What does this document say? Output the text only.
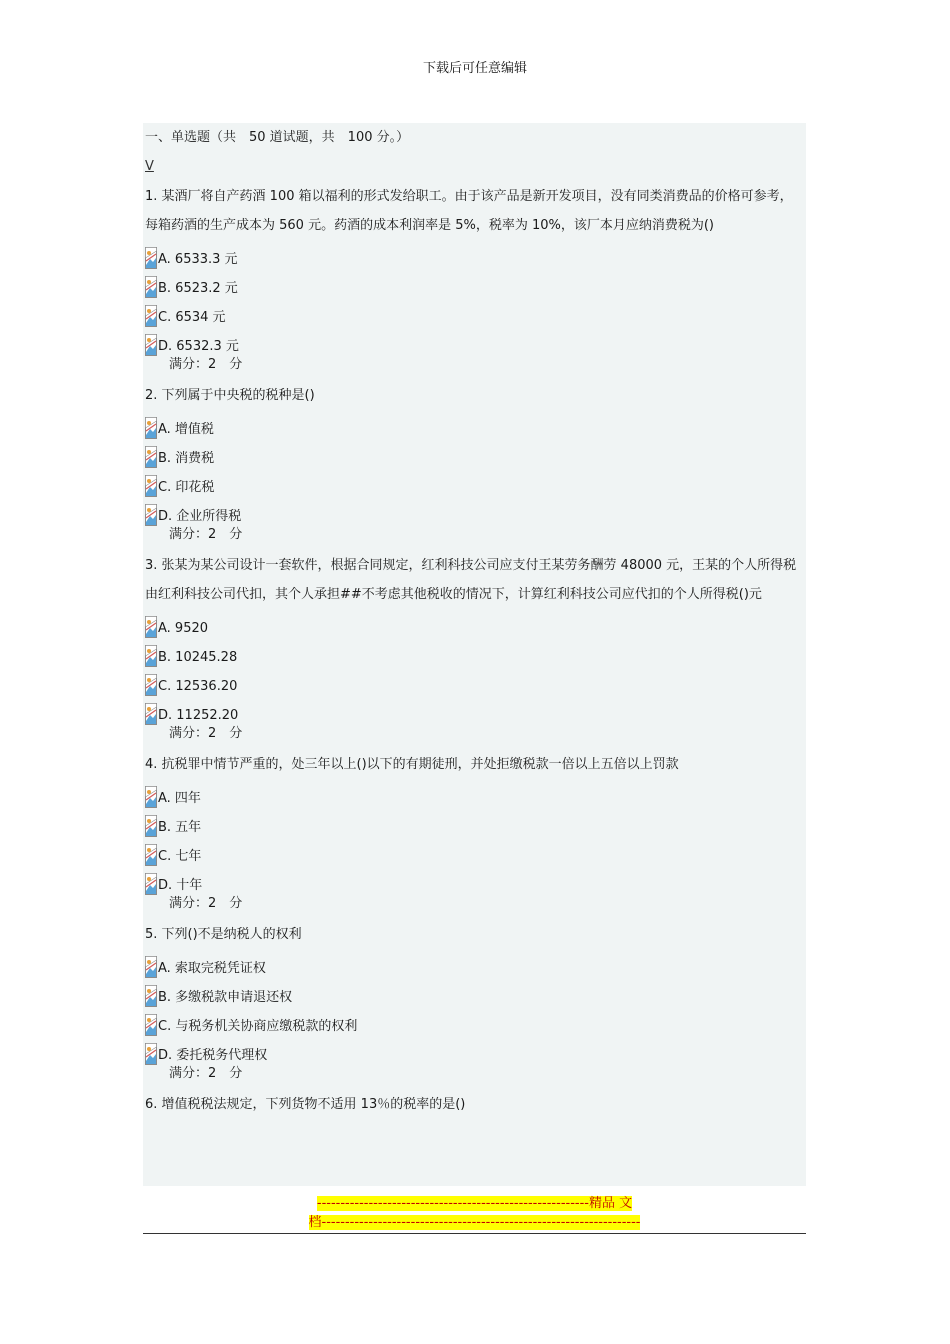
下载后可任意编辑
一、单选题（共　50 道试题，共　100 分。）
V
1. 某酒厂将自产药酒 100 箱以福利的形式发给职工。由于该产品是新开发项目，没有同类消费品的价格可参考，每箱药酒的生产成本为 560 元。药酒的成本利润率是 5%，税率为 10%，该厂本月应纳消费税为()
A. 6533.3 元
B. 6523.2 元
C. 6534 元
D. 6532.3 元
满分：2　分
2. 下列属于中央税的税种是()
A. 增值税
B. 消费税
C. 印花税
D. 企业所得税
满分：2　分
3. 张某为某公司设计一套软件，根据合同规定，红利科技公司应支付王某劳务酬劳 48000 元，王某的个人所得税由红利科技公司代扣，其个人承担##不考虑其他税收的情况下，计算红利科技公司应代扣的个人所得税()元
A. 9520
B. 10245.28
C. 12536.20
D. 11252.20
满分：2　分
4. 抗税罪中情节严重的，处三年以上()以下的有期徒刑，并处拒缴税款一倍以上五倍以上罚款
A. 四年
B. 五年
C. 七年
D. 十年
满分：2　分
5. 下列()不是纳税人的权利
A. 索取完税凭证权
B. 多缴税款申请退还权
C. 与税务机关协商应缴税款的权利
D. 委托税务代理权
满分：2　分
6. 增值税税法规定，下列货物不适用 13％的税率的是()
----------------------------------------------------------精品 文
档--------------------------------------------------------------------
